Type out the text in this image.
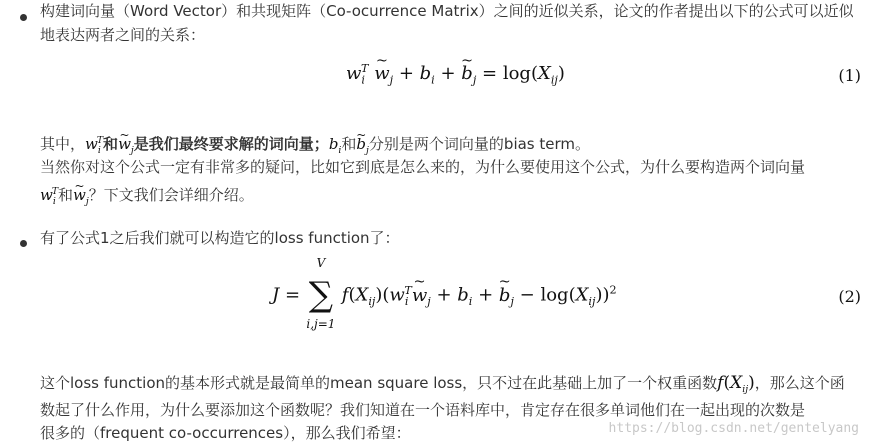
构建词向量（Word Vector）和共现矩阵（Co-ocurrence Matrix）之间的近似关系，论文的作者提出以下的公式可以近似
地表达两者之间的关系：
$w_i^T$ ~ $w_j + b_i$ + ~ $b_j = \log(X_{ij})$	(1)
其中，$w_i^T$和~ $w_j$是我们最终要求解的词向量；$b_i$和~ $b_j$分别是两个词向量的bias term。
当然你对这个公式一定有非常多的疑问，比如它到底是怎么来的，为什么要使用这个公式，为什么要构造两个词向量
$w_i^T$和~ $w_j$？下文我们会详细介绍。
有了公式1之后我们就可以构造它的loss function了：
J =
V
∑
i,j=1
$f(X_{ij})(w_i^T\sim$ $w_j + b_i$ + ~ $b_j - \log(X_{ij}))^2$	(2)
这个loss function的基本形式就是最简单的mean square loss，只不过在此基础上加了一个权重函数$f(X_{ij})$，那么这个函
数起了什么作用，为什么要添加这个函数呢？我们知道在一个语料库中，肯定存在很多单词他们在一起出现的次数是
很多的（frequent co-occurrences），那么我们希望：	https://blog.csdn.net/gentelyang
